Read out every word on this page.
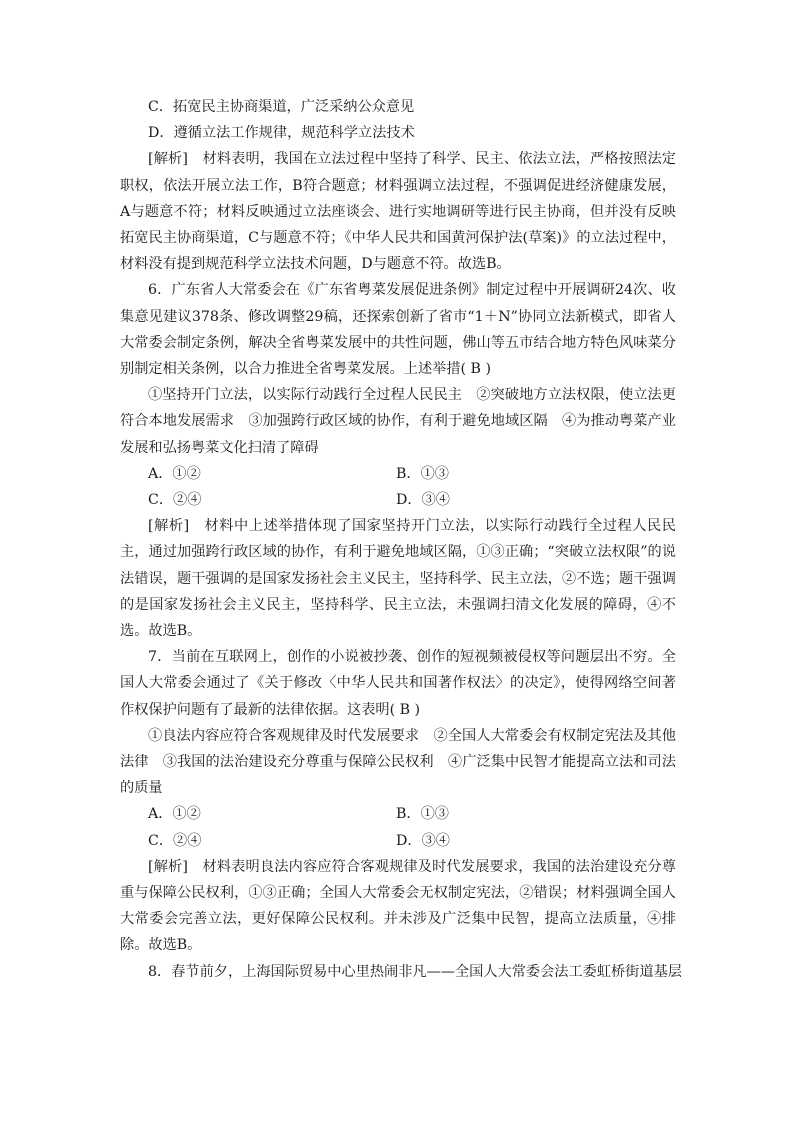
C．拓宽民主协商渠道，广泛采纳公众意见
D．遵循立法工作规律，规范科学立法技术

[解析]　材料表明，我国在立法过程中坚持了科学、民主、依法立法，严格按照法定职权，依法开展立法工作，B符合题意；材料强调立法过程，不强调促进经济健康发展，A与题意不符；材料反映通过立法座谈会、进行实地调研等进行民主协商，但并没有反映拓宽民主协商渠道，C与题意不符；《中华人民共和国黄河保护法(草案)》的立法过程中，材料没有提到规范科学立法技术问题，D与题意不符。故选B。

6．广东省人大常委会在《广东省粤菜发展促进条例》制定过程中开展调研24次、收集意见建议378条、修改调整29稿，还探索创新了省市“1＋N”协同立法新模式，即省人大常委会制定条例，解决全省粤菜发展中的共性问题，佛山等五市结合地方特色风味菜分别制定相关条例，以合力推进全省粤菜发展。上述举措( B )

①坚持开门立法，以实际行动践行全过程人民民主　②突破地方立法权限，使立法更符合本地发展需求　③加强跨行政区域的协作，有利于避免地域区隔　④为推动粤菜产业发展和弘扬粤菜文化扫清了障碍

A．①②	B．①③
C．②④	D．③④

[解析]　材料中上述举措体现了国家坚持开门立法，以实际行动践行全过程人民民主，通过加强跨行政区域的协作，有利于避免地域区隔，①③正确；“突破立法权限”的说法错误，题干强调的是国家发扬社会主义民主，坚持科学、民主立法，②不选；题干强调的是国家发扬社会主义民主，坚持科学、民主立法，未强调扫清文化发展的障碍，④不选。故选B。

7．当前在互联网上，创作的小说被抄袭、创作的短视频被侵权等问题层出不穷。全国人大常委会通过了《关于修改〈中华人民共和国著作权法〉的决定》，使得网络空间著作权保护问题有了最新的法律依据。这表明( B )

①良法内容应符合客观规律及时代发展要求　②全国人大常委会有权制定宪法及其他法律　③我国的法治建设充分尊重与保障公民权利　④广泛集中民智才能提高立法和司法的质量

A．①②	B．①③
C．②④	D．③④

[解析]　材料表明良法内容应符合客观规律及时代发展要求，我国的法治建设充分尊重与保障公民权利，①③正确；全国人大常委会无权制定宪法，②错误；材料强调全国人大常委会完善立法，更好保障公民权利。并未涉及广泛集中民智，提高立法质量，④排除。故选B。

8．春节前夕，上海国际贸易中心里热闹非凡——全国人大常委会法工委虹桥街道基层
